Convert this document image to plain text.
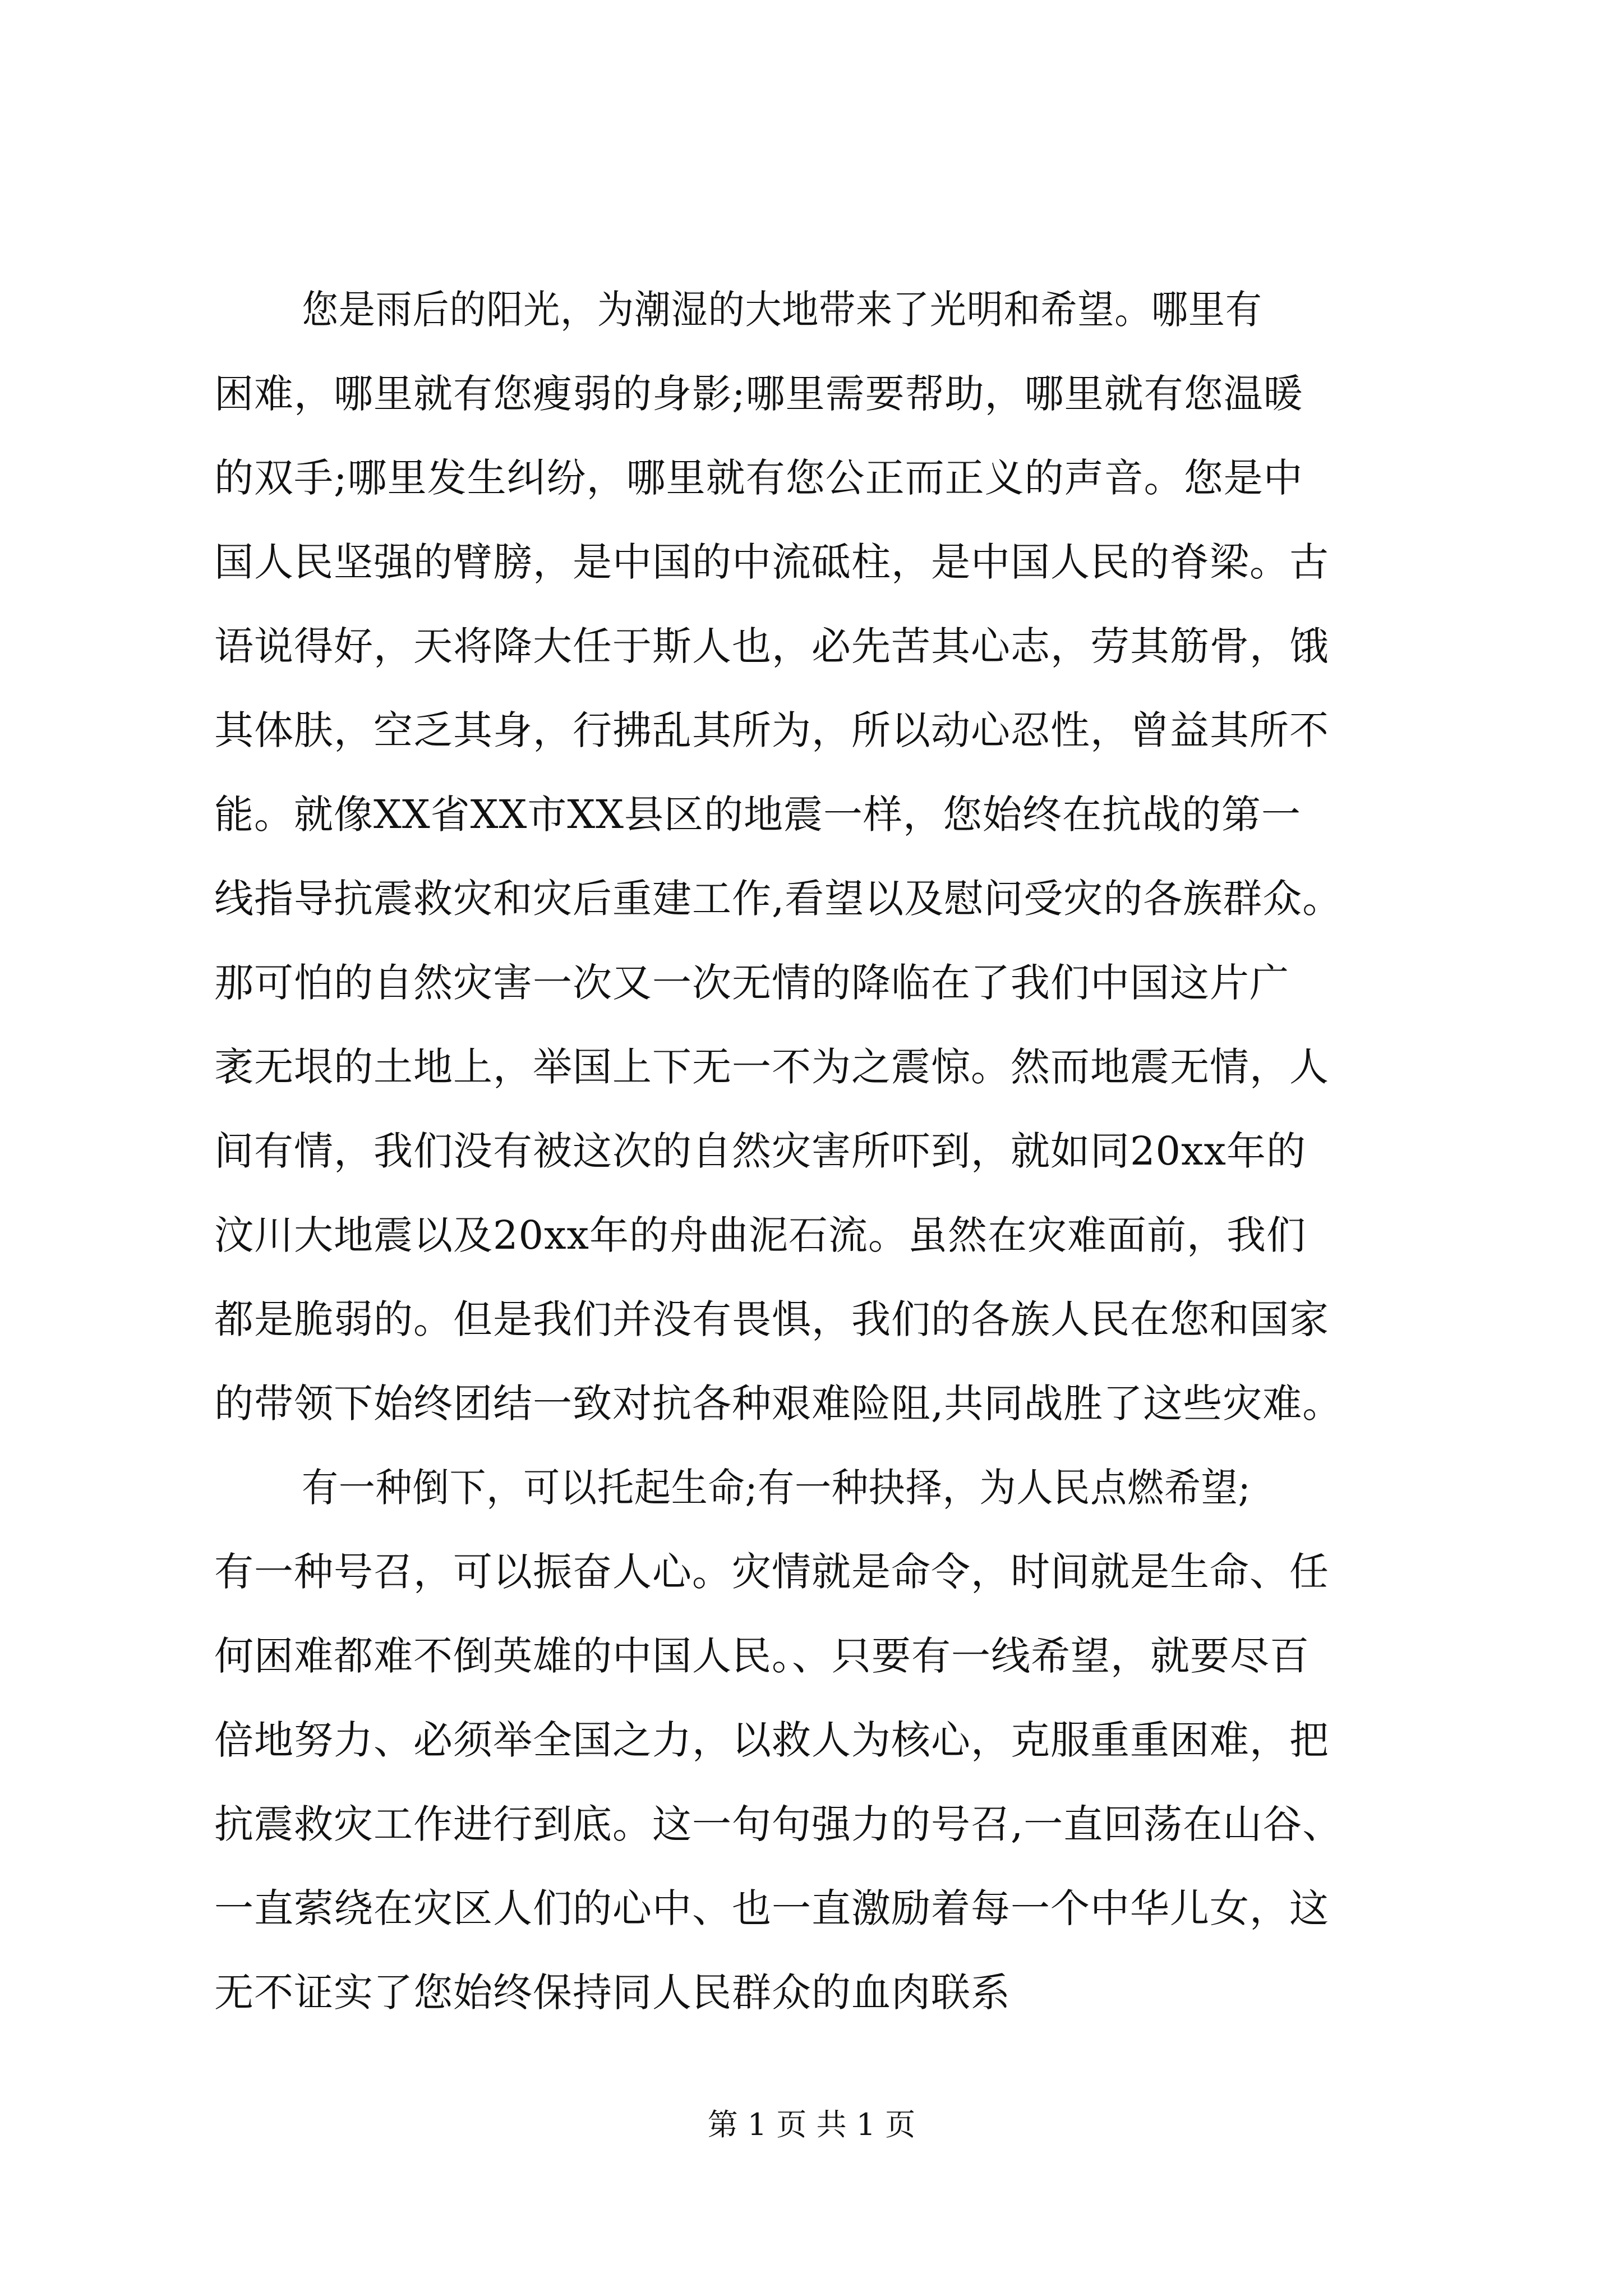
您是雨后的阳光，为潮湿的大地带来了光明和希望。哪里有
困难，哪里就有您瘦弱的身影;哪里需要帮助，哪里就有您温暖
的双手;哪里发生纠纷，哪里就有您公正而正义的声音。您是中
国人民坚强的臂膀，是中国的中流砥柱，是中国人民的脊梁。古
语说得好，天将降大任于斯人也，必先苦其心志，劳其筋骨，饿
其体肤，空乏其身，行拂乱其所为，所以动心忍性，曾益其所不
能。就像XX省XX市XX县区的地震一样，您始终在抗战的第一
线指导抗震救灾和灾后重建工作,看望以及慰问受灾的各族群众。
那可怕的自然灾害一次又一次无情的降临在了我们中国这片广
袤无垠的土地上，举国上下无一不为之震惊。然而地震无情，人
间有情，我们没有被这次的自然灾害所吓到，就如同20xx年的
汶川大地震以及20xx年的舟曲泥石流。虽然在灾难面前，我们
都是脆弱的。但是我们并没有畏惧，我们的各族人民在您和国家
的带领下始终团结一致对抗各种艰难险阻,共同战胜了这些灾难。
有一种倒下，可以托起生命;有一种抉择，为人民点燃希望;
有一种号召，可以振奋人心。灾情就是命令，时间就是生命、任
何困难都难不倒英雄的中国人民。、只要有一线希望，就要尽百
倍地努力、必须举全国之力，以救人为核心，克服重重困难，把
抗震救灾工作进行到底。这一句句强力的号召,一直回荡在山谷、
一直萦绕在灾区人们的心中、也一直激励着每一个中华儿女，这
无不证实了您始终保持同人民群众的血肉联系
第 1 页 共 1 页
